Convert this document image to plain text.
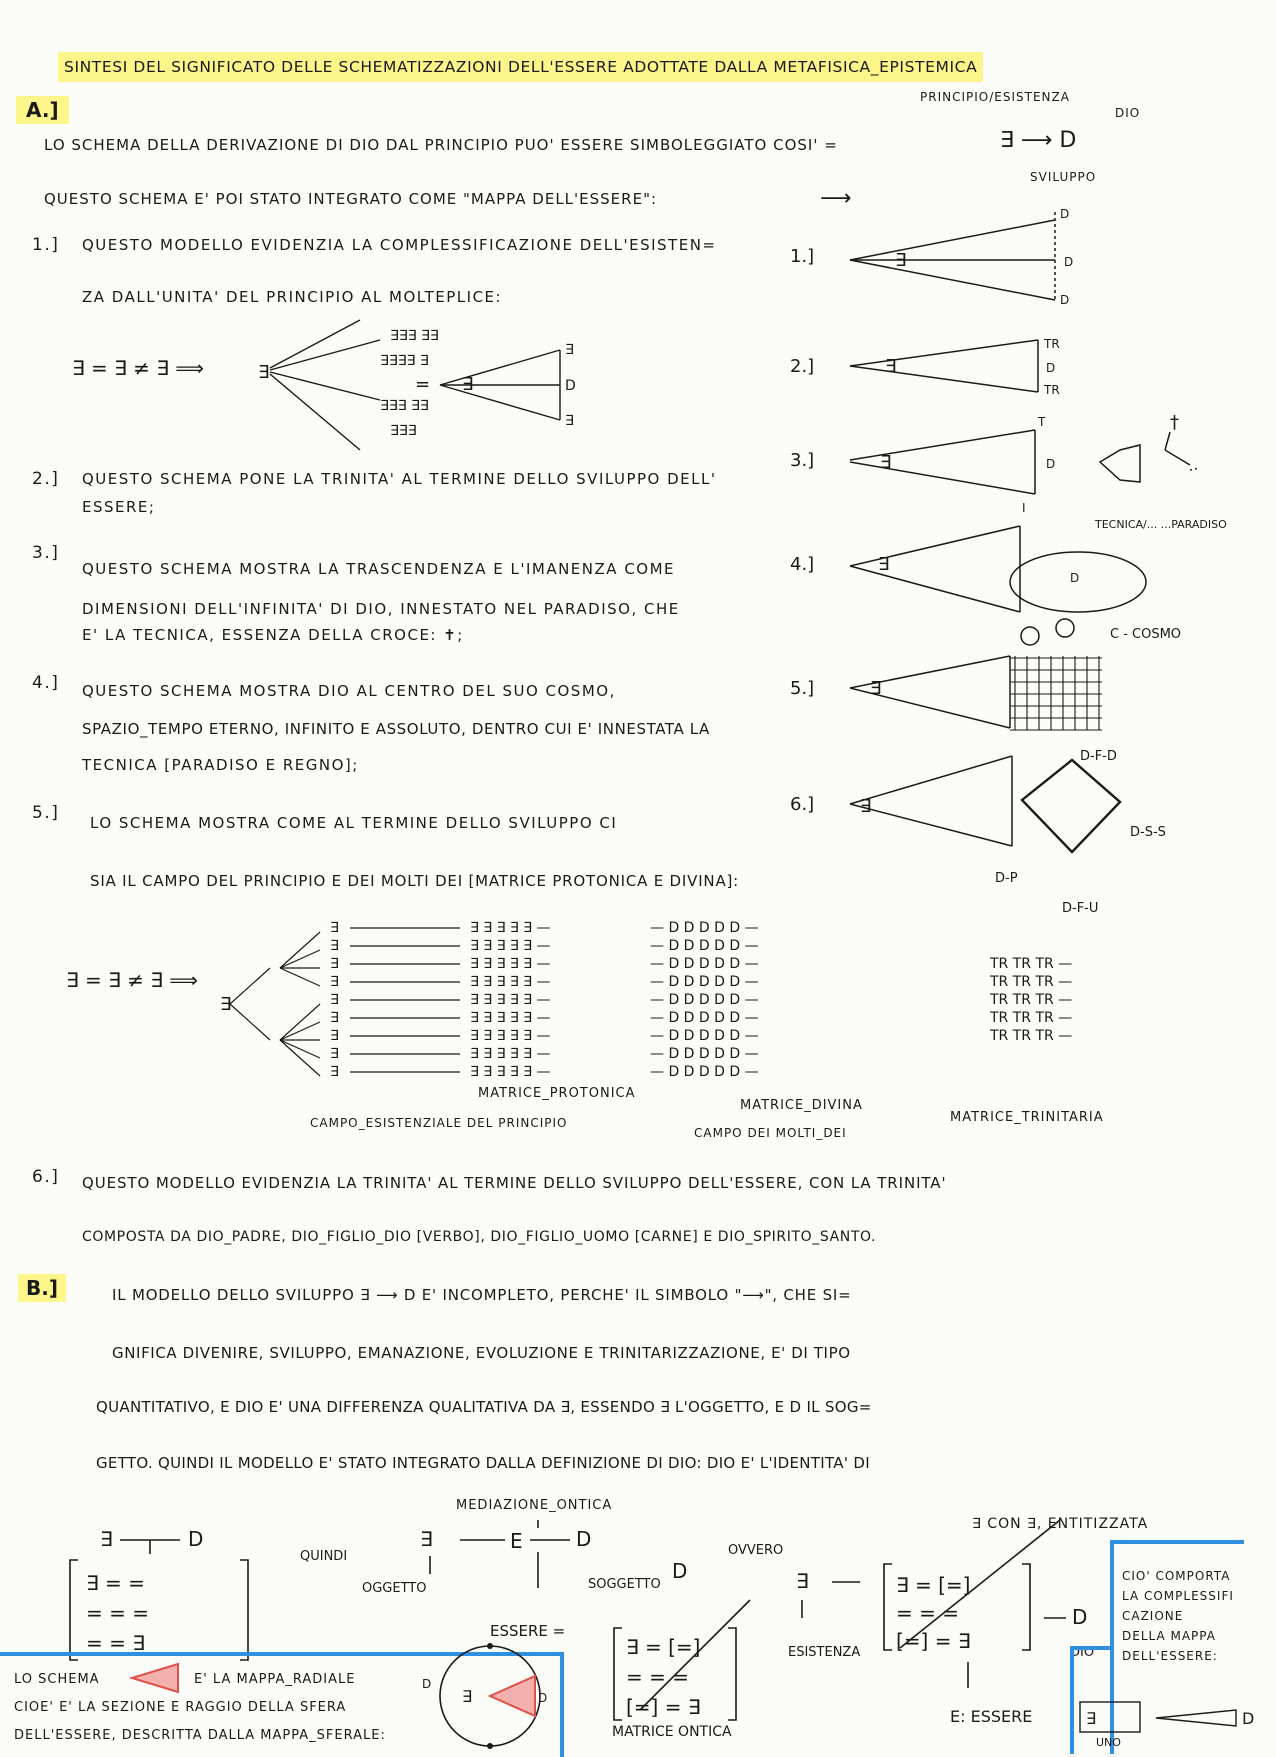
SINTESI DEL SIGNIFICATO DELLE SCHEMATIZZAZIONI DELL'ESSERE ADOTTATE DALLA METAFISICA_EPISTEMICA
A.]
PRINCIPIO/ESISTENZA
DIO
LO SCHEMA DELLA DERIVAZIONE DI DIO DAL PRINCIPIO PUO' ESSERE SIMBOLEGGIATO COSI' =	∃ ⟶ D
SVILUPPO
QUESTO SCHEMA E' POI STATO INTEGRATO COME "MAPPA DELL'ESSERE":	⟶
1.] QUESTO MODELLO EVIDENZIA LA COMPLESSIFICAZIONE DELL'ESISTEN=
ZA DALL'UNITA' DEL PRINCIPIO AL MOLTEPLICE:
∃ = ∃ ≠ ∃ ⟹	∃
∃∃∃ ∃∃
∃∃∃∃ ∃
∃∃∃ ∃∃
∃∃∃
= ∃
∃
D
∃
2.] QUESTO SCHEMA PONE LA TRINITA' AL TERMINE DELLO SVILUPPO DELL'
ESSERE;
3.]
QUESTO SCHEMA MOSTRA LA TRASCENDENZA E L'IMANENZA COME
DIMENSIONI DELL'INFINITA' DI DIO, INNESTATO NEL PARADISO, CHE
E' LA TECNICA, ESSENZA DELLA CROCE: ✝;
4.] QUESTO SCHEMA MOSTRA DIO AL CENTRO DEL SUO COSMO,
SPAZIO_TEMPO ETERNO, INFINITO E ASSOLUTO, DENTRO CUI E' INNESTATA LA
TECNICA [PARADISO E REGNO];
5.] LO SCHEMA MOSTRA COME AL TERMINE DELLO SVILUPPO CI
SIA IL CAMPO DEL PRINCIPIO E DEI MOLTI DEI [MATRICE PROTONICA E DIVINA]:
1.]	∃
2.]	∃
3.]	∃
4.]	∃
5.]	∃
6.]	∃
D
D
D
TR
D
TR
T
D
I
†
TECNICA/... ...PARADISO
C - COSMO
D
D-F-D
D-S-S
D-P
D-F-U
∃ = ∃ ≠ ∃ ⟹
∃	∃ ∃ ∃ ∃ ∃ —	— D D D D D —
∃	∃ ∃ ∃ ∃ ∃ —	— D D D D D —
∃	∃ ∃ ∃ ∃ ∃ —	— D D D D D —
∃	∃ ∃ ∃ ∃ ∃ —	— D D D D D —
∃	∃ ∃ ∃ ∃ ∃ —	— D D D D D —
∃	∃ ∃ ∃ ∃ ∃ —	— D D D D D —
∃	∃ ∃ ∃ ∃ ∃ —	— D D D D D —
∃	∃ ∃ ∃ ∃ ∃ —	— D D D D D —
∃	∃ ∃ ∃ ∃ ∃ —	— D D D D D —
TR TR TR —
TR TR TR —
TR TR TR —
TR TR TR —
TR TR TR —
∃
MATRICE_PROTONICA
CAMPO_ESISTENZIALE DEL PRINCIPIO
MATRICE_DIVINA
CAMPO DEI MOLTI_DEI
MATRICE_TRINITARIA
6.] QUESTO MODELLO EVIDENZIA LA TRINITA' AL TERMINE DELLO SVILUPPO DELL'ESSERE, CON LA TRINITA'
COMPOSTA DA DIO_PADRE, DIO_FIGLIO_DIO [VERBO], DIO_FIGLIO_UOMO [CARNE] E DIO_SPIRITO_SANTO.
B.]	IL MODELLO DELLO SVILUPPO ∃ ⟶ D E' INCOMPLETO, PERCHE' IL SIMBOLO "⟶", CHE SI=
GNIFICA DIVENIRE, SVILUPPO, EMANAZIONE, EVOLUZIONE E TRINITARIZZAZIONE, E' DI TIPO
QUANTITATIVO, E DIO E' UNA DIFFERENZA QUALITATIVA DA ∃, ESSENDO ∃ L'OGGETTO, E D IL SOG=
GETTO. QUINDI IL MODELLO E' STATO INTEGRATO DALLA DEFINIZIONE DI DIO: DIO E' L'IDENTITA' DI
MEDIAZIONE_ONTICA
∃ CON ∃, ENTITIZZATA
∃	D
∃ = =
= = =
= = ∃
∃	E	D
D
∃ = [=]
= = =
[=] = ∃
∃	∃ = [=]
= = =
[=] = ∃
D
QUINDI	OVVERO
OGGETTO	SOGGETTO
ESSERE =
ESISTENZA	DIO
MATRICE ONTICA
E: ESSERE
CIO' COMPORTA
LA COMPLESSIFI
CAZIONE
DELLA MAPPA
DELL'ESSERE:
∃	D
UNO
LO SCHEMA	E' LA MAPPA_RADIALE
CIOE' E' LA SEZIONE E RAGGIO DELLA SFERA
DELL'ESSERE, DESCRITTA DALLA MAPPA_SFERALE:
∃
D
D
